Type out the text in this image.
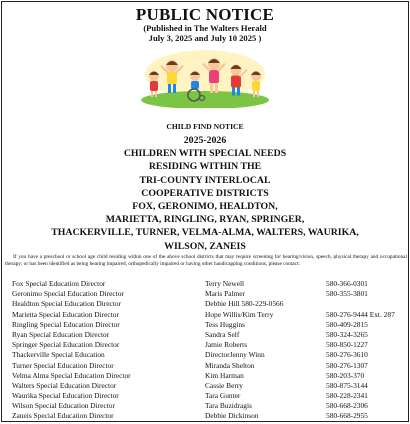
PUBLIC NOTICE
(Published in The Walters Herald
July 3, 2025 and July 10 2025 )
CHILD FIND NOTICE
2025-2026
CHILDREN WITH SPECIAL NEEDS
RESIDING WITHIN THE
TRI-COUNTY INTERLOCAL
COOPERATIVE DISTRICTS
FOX, GERONIMO, HEALDTON,
MARIETTA, RINGLING, RYAN, SPRINGER,
THACKERVILLE, TURNER, VELMA-ALMA, WALTERS, WAURIKA,
WILSON, ZANEIS
If you have a preschool or school age child residing within one of the above school districts that may require screening for hearing/vision, speech, physical therapy and occupational therapy; or has been identified as being hearing impaired, orthopedically impaired or having other handicapping conditions, please contact:
Fox Special Education Director	Terry Newell	580-366-0301
Geronimo Special Education Director	Maris Palmer	580-355-3801
Healdton Special Education Director	Debbie Hill 580-229-0566
Marietta Special Education Director	Hope Willis/Kim Terry	580-276-9444 Ext. 287
Ringling Special Education Director	Tess Huggins	580-409-2815
Ryan Special Education Director	Sandra Self	580-324-3265
Springer Special Education Director	Jamie Roberts	580-850-1227
Thackerville Special Education	DirectorJenny Winn	580-276-3610
Turner Special Education Director	Miranda Shelton	580-276-1307
Velma Alma Special Education Director	Kim Harman	580-203-370
Walters Special Education Director	Cassie Berry	580-875-3144
Waurika Special Education Director	Tara Gunter	580-228-2341
Wilson Special Education Director	Tara Buzidragis	580-668-2306
Zaneis Special Education Director	Debbie Dickinson	580-668-2955
